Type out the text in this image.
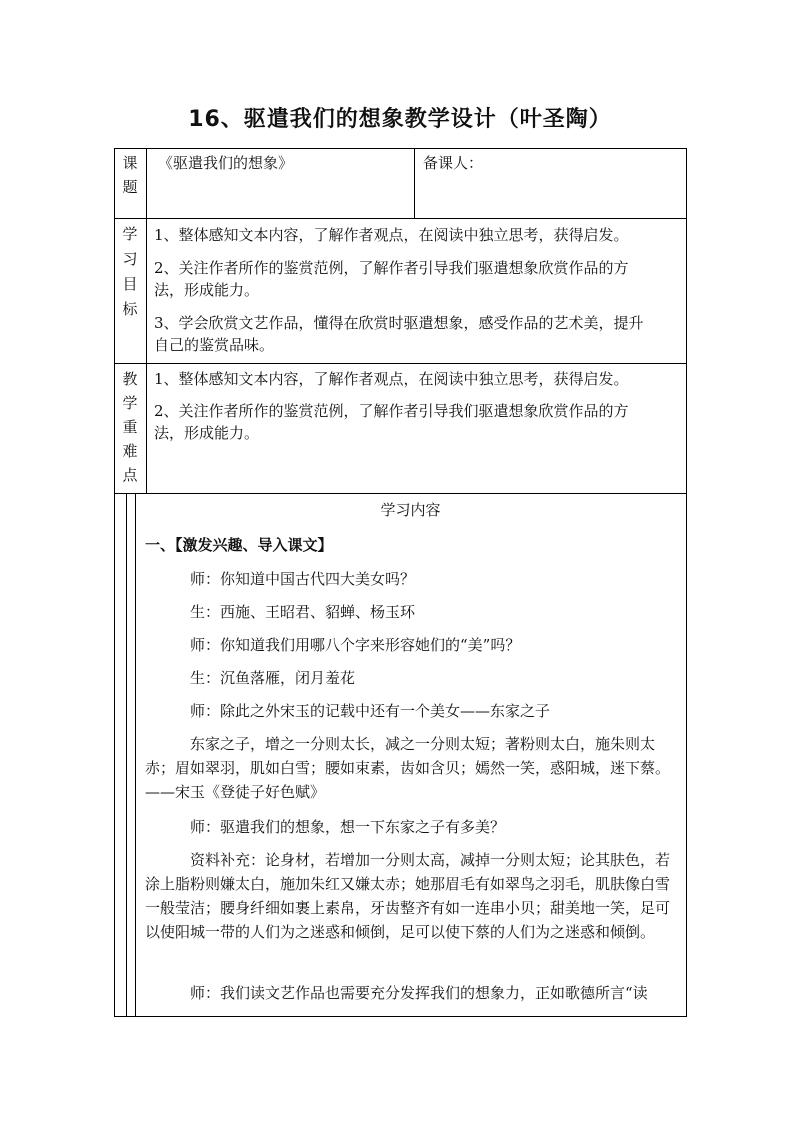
16、驱遣我们的想象教学设计（叶圣陶）
课
题
《驱遣我们的想象》	备课人：
学
习
目
标
1、整体感知文本内容，了解作者观点，在阅读中独立思考，获得启发。
2、关注作者所作的鉴赏范例，了解作者引导我们驱遣想象欣赏作品的方法，形成能力。
3、学会欣赏文艺作品，懂得在欣赏时驱遣想象，感受作品的艺术美，提升自己的鉴赏品味。
教
学
重
难
点
1、整体感知文本内容，了解作者观点，在阅读中独立思考，获得启发。
2、关注作者所作的鉴赏范例，了解作者引导我们驱遣想象欣赏作品的方法，形成能力。
学习内容
一、【激发兴趣、导入课文】

师：你知道中国古代四大美女吗？

生：西施、王昭君、貂蝉、杨玉环

师：你知道我们用哪八个字来形容她们的“美”吗？

生：沉鱼落雁，闭月羞花

师：除此之外宋玉的记载中还有一个美女——东家之子

东家之子，增之一分则太长，减之一分则太短；著粉则太白，施朱则太赤；眉如翠羽，肌如白雪；腰如束素，齿如含贝；嫣然一笑，惑阳城，迷下蔡。——宋玉《登徒子好色赋》

师：驱遣我们的想象，想一下东家之子有多美？

资料补充：论身材，若增加一分则太高，减掉一分则太短；论其肤色，若涂上脂粉则嫌太白，施加朱红又嫌太赤；她那眉毛有如翠鸟之羽毛，肌肤像白雪一般莹洁；腰身纤细如裹上素帛，牙齿整齐有如一连串小贝；甜美地一笑，足可以使阳城一带的人们为之迷惑和倾倒，足可以使下蔡的人们为之迷惑和倾倒。

师：我们读文艺作品也需要充分发挥我们的想象力，正如歌德所言“读
